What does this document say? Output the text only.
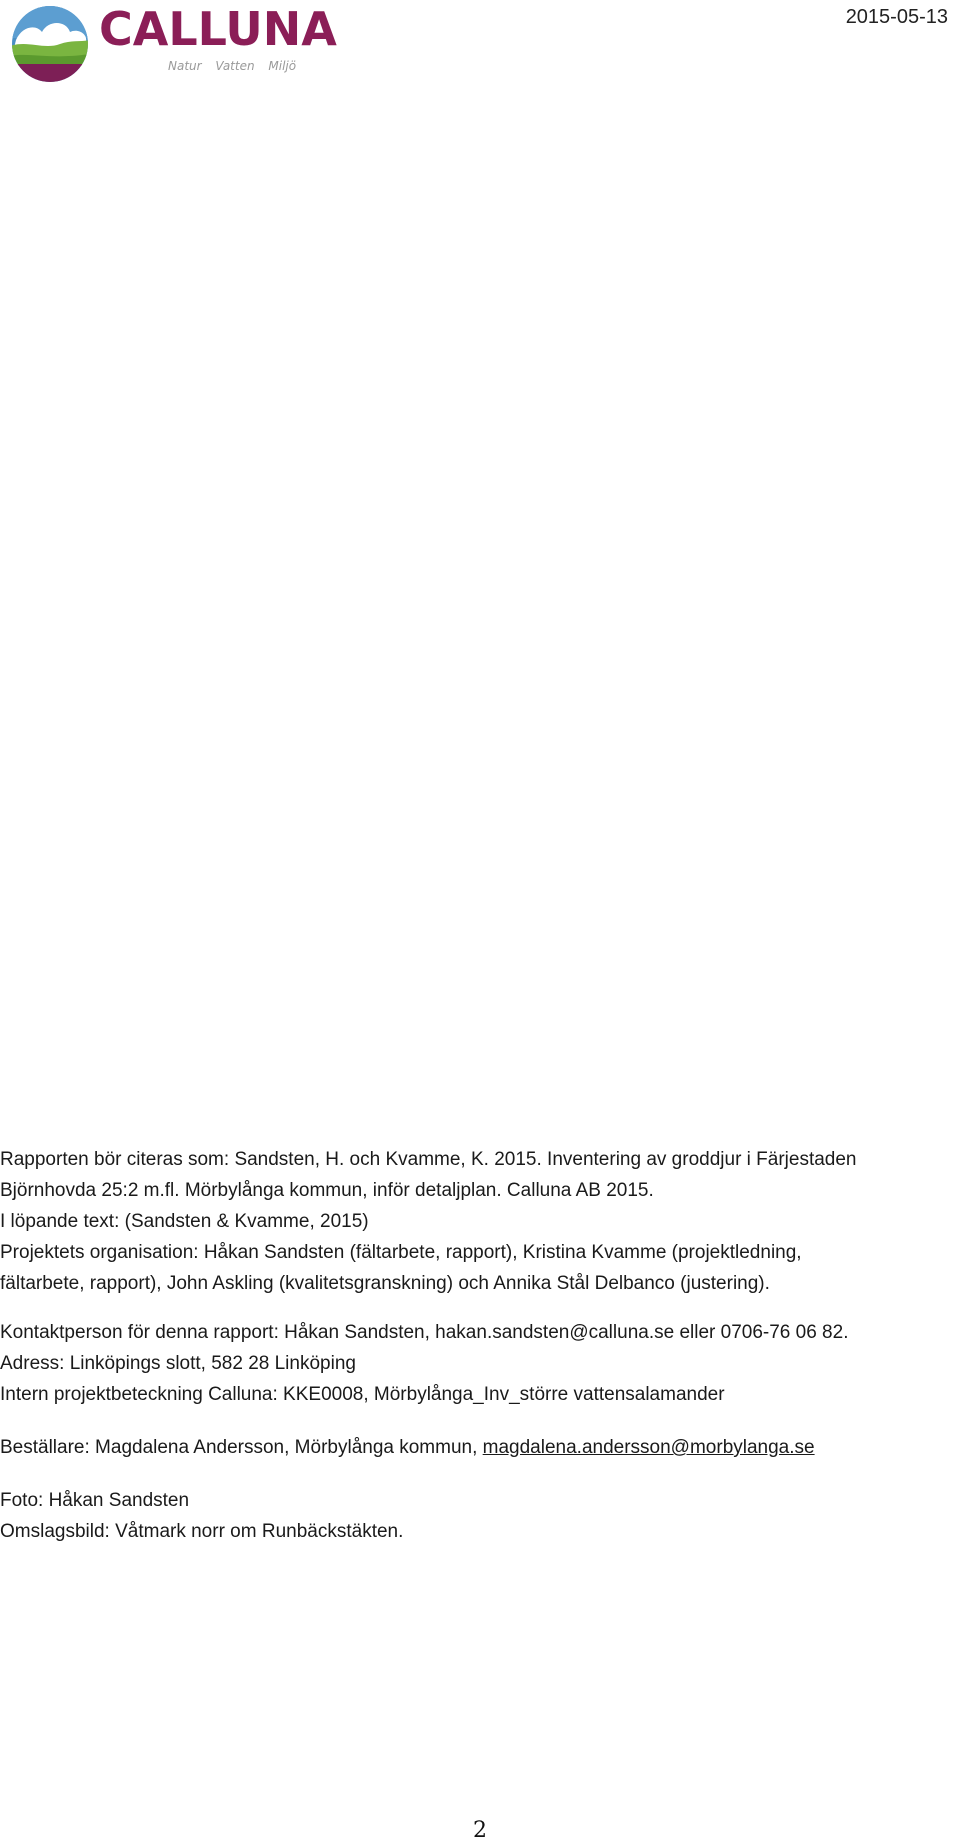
CALLUNA
Natur Vatten Miljö
2015-05-13

Rapporten bör citeras som: Sandsten, H. och Kvamme, K. 2015. Inventering av groddjur i Färjestaden

Björnhovda 25:2 m.fl. Mörbylånga kommun, inför detaljplan. Calluna AB 2015.

I löpande text: (Sandsten & Kvamme, 2015)

Projektets organisation: Håkan Sandsten (fältarbete, rapport), Kristina Kvamme (projektledning,

fältarbete, rapport), John Askling (kvalitetsgranskning) och Annika Stål Delbanco (justering).

Kontaktperson för denna rapport: Håkan Sandsten, hakan.sandsten@calluna.se eller 0706-76 06 82.

Adress: Linköpings slott, 582 28 Linköping

Intern projektbeteckning Calluna: KKE0008, Mörbylånga_Inv_större vattensalamander

Beställare: Magdalena Andersson, Mörbylånga kommun, magdalena.andersson@morbylanga.se

Foto: Håkan Sandsten

Omslagsbild: Våtmark norr om Runbäckstäkten.

2
